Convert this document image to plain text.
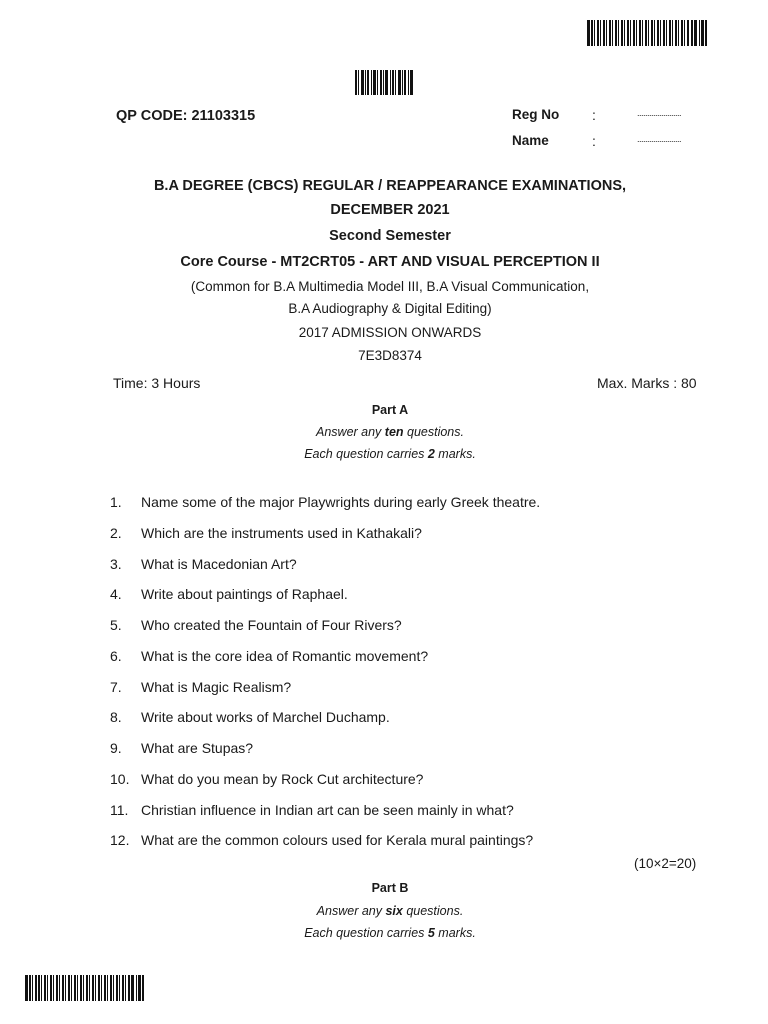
QP CODE: 21103315	Reg No :	......................
Name	:	......................
B.A DEGREE (CBCS) REGULAR / REAPPEARANCE EXAMINATIONS,
DECEMBER 2021
Second Semester
Core Course - MT2CRT05 - ART AND VISUAL PERCEPTION II
(Common for B.A Multimedia Model III, B.A Visual Communication,
B.A Audiography & Digital Editing)
2017 ADMISSION ONWARDS
7E3D8374
Time: 3 Hours	Max. Marks : 80
Part A
Answer any ten questions.
Each question carries 2 marks.
1. Name some of the major Playwrights during early Greek theatre.
2. Which are the instruments used in Kathakali?
3. What is Macedonian Art?
4. Write about paintings of Raphael.
5. Who created the Fountain of Four Rivers?
6. What is the core idea of Romantic movement?
7. What is Magic Realism?
8. Write about works of Marchel Duchamp.
9. What are Stupas?
10. What do you mean by Rock Cut architecture?
11. Christian influence in Indian art can be seen mainly in what?
12. What are the common colours used for Kerala mural paintings?
(10×2=20)
Part B
Answer any six questions.
Each question carries 5 marks.
